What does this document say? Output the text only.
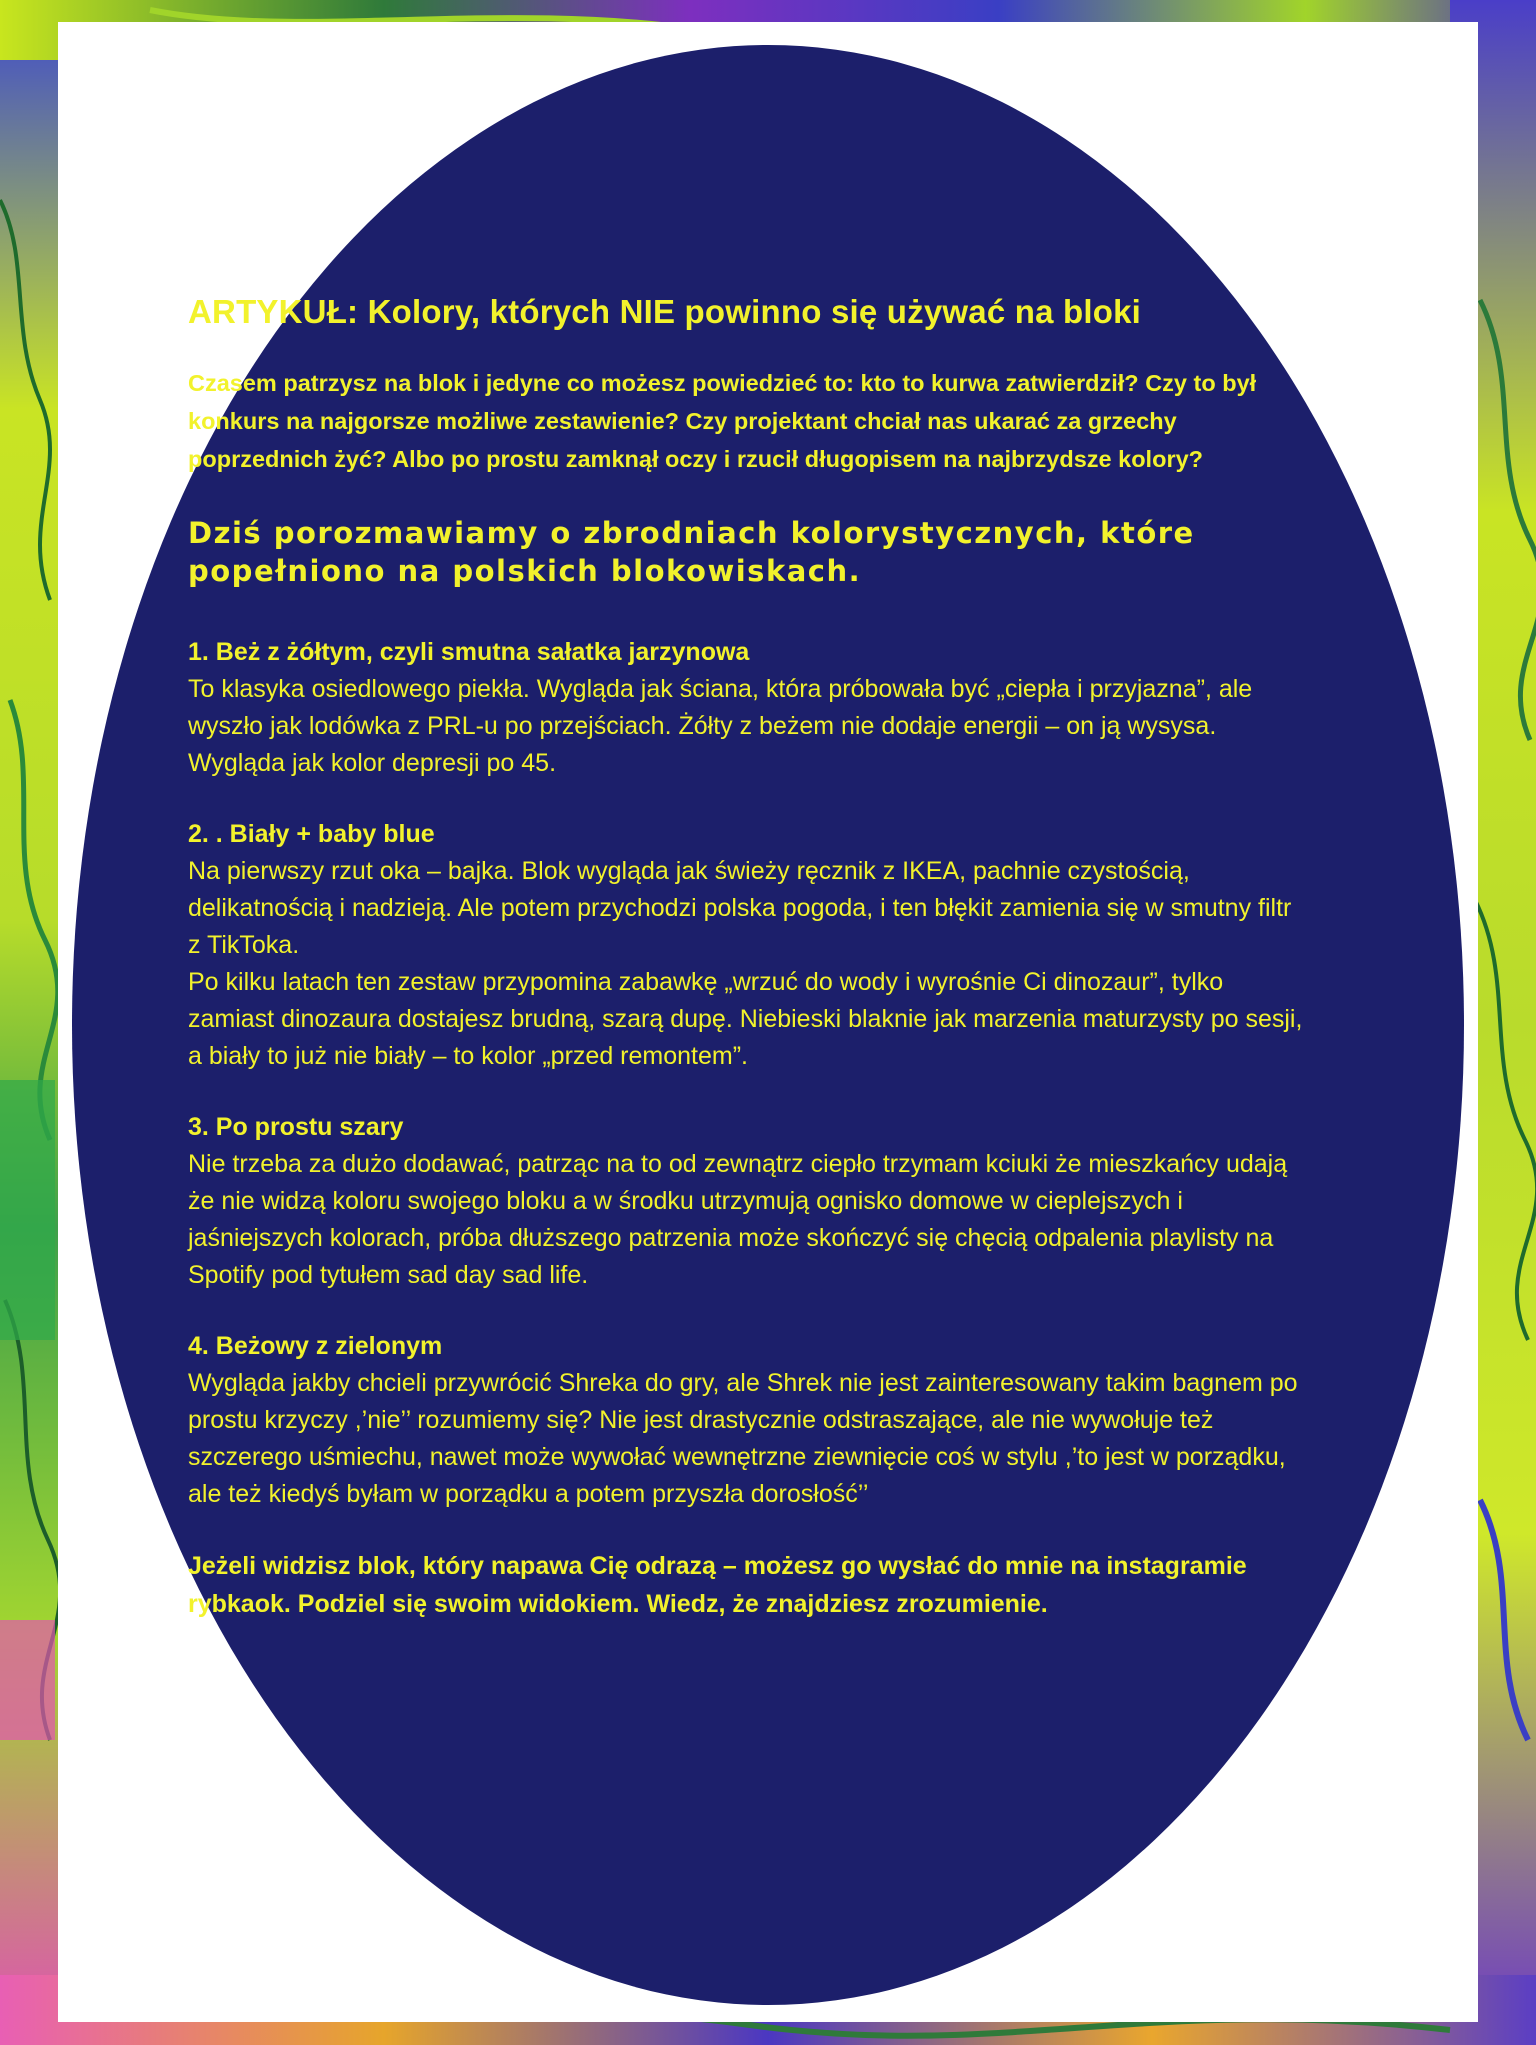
ARTYKUŁ: Kolory, których NIE powinno się używać na bloki
Czasem patrzysz na blok i jedyne co możesz powiedzieć to: kto to kurwa zatwierdził? Czy to był konkurs na najgorsze możliwe zestawienie? Czy projektant chciał nas ukarać za grzechy poprzednich żyć? Albo po prostu zamknął oczy i rzucił długopisem na najbrzydsze kolory?
Dziś porozmawiamy o zbrodniach kolorystycznych, które popełniono na polskich blokowiskach.
1. Beż z żółtym, czyli smutna sałatka jarzynowa
To klasyka osiedlowego piekła. Wygląda jak ściana, która próbowała być „ciepła i przyjazna”, ale wyszło jak lodówka z PRL-u po przejściach. Żółty z beżem nie dodaje energii – on ją wysysa. Wygląda jak kolor depresji po 45.
2. . Biały + baby blue
Na pierwszy rzut oka – bajka. Blok wygląda jak świeży ręcznik z IKEA, pachnie czystością, delikatnością i nadzieją. Ale potem przychodzi polska pogoda, i ten błękit zamienia się w smutny filtr z TikToka.
Po kilku latach ten zestaw przypomina zabawkę „wrzuć do wody i wyrośnie Ci dinozaur”, tylko zamiast dinozaura dostajesz brudną, szarą dupę. Niebieski blaknie jak marzenia maturzysty po sesji, a biały to już nie biały – to kolor „przed remontem”.
3. Po prostu szary
Nie trzeba za dużo dodawać, patrząc na to od zewnątrz ciepło trzymam kciuki że mieszkańcy udają że nie widzą koloru swojego bloku a w środku utrzymują ognisko domowe w cieplejszych i jaśniejszych kolorach, próba dłuższego patrzenia może skończyć się chęcią odpalenia playlisty na Spotify pod tytułem sad day sad life.
4. Beżowy z zielonym
Wygląda jakby chcieli przywrócić Shreka do gry, ale Shrek nie jest zainteresowany takim bagnem po prostu krzyczy ,’nie’’ rozumiemy się? Nie jest drastycznie odstraszające, ale nie wywołuje też szczerego uśmiechu, nawet może wywołać wewnętrzne ziewnięcie coś w stylu ,’to jest w porządku, ale też kiedyś byłam w porządku a potem przyszła dorosłość’’
Jeżeli widzisz blok, który napawa Cię odrazą – możesz go wysłać do mnie na instagramie rybkaok. Podziel się swoim widokiem. Wiedz, że znajdziesz zrozumienie.
